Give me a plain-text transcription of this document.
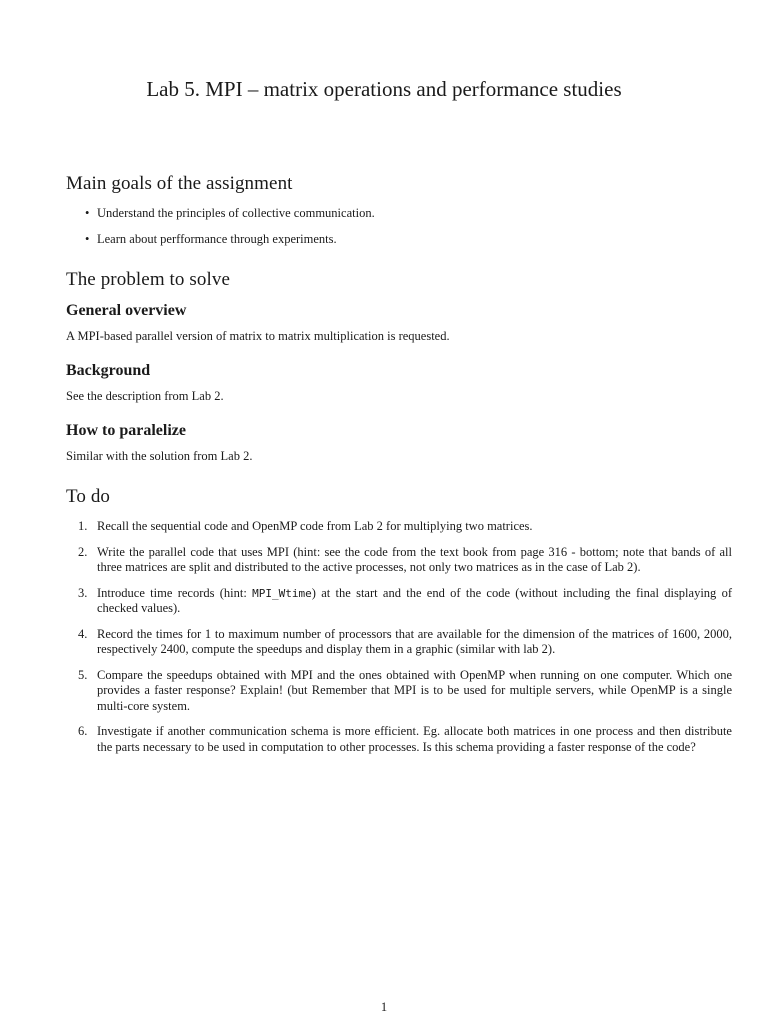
Lab 5. MPI – matrix operations and performance studies
Main goals of the assignment
• Understand the principles of collective communication.
• Learn about perfformance through experiments.
The problem to solve
General overview

A MPI-based parallel version of matrix to matrix multiplication is requested.

Background

See the description from Lab 2.

How to paralelize

Similar with the solution from Lab 2.

To do
1. Recall the sequential code and OpenMP code from Lab 2 for multiplying two matrices.
2. Write the parallel code that uses MPI (hint: see the code from the text book from page 316 - bottom; note that bands of all three matrices are split and distributed to the active processes, not only two matrices as in the case of Lab 2).
3. Introduce time records (hint: MPI_Wtime) at the start and the end of the code (without including the final displaying of checked values).
4. Record the times for 1 to maximum number of processors that are available for the dimension of the matrices of 1600, 2000, respectively 2400, compute the speedups and display them in a graphic (similar with lab 2).
5. Compare the speedups obtained with MPI and the ones obtained with OpenMP when running on one computer. Which one provides a faster response? Explain! (but Remember that MPI is to be used for multiple servers, while OpenMP is a single multi-core system.
6. Investigate if another communication schema is more efficient. Eg. allocate both matrices in one process and then distribute the parts necessary to be used in computation to other processes. Is this schema providing a faster response of the code?
1
